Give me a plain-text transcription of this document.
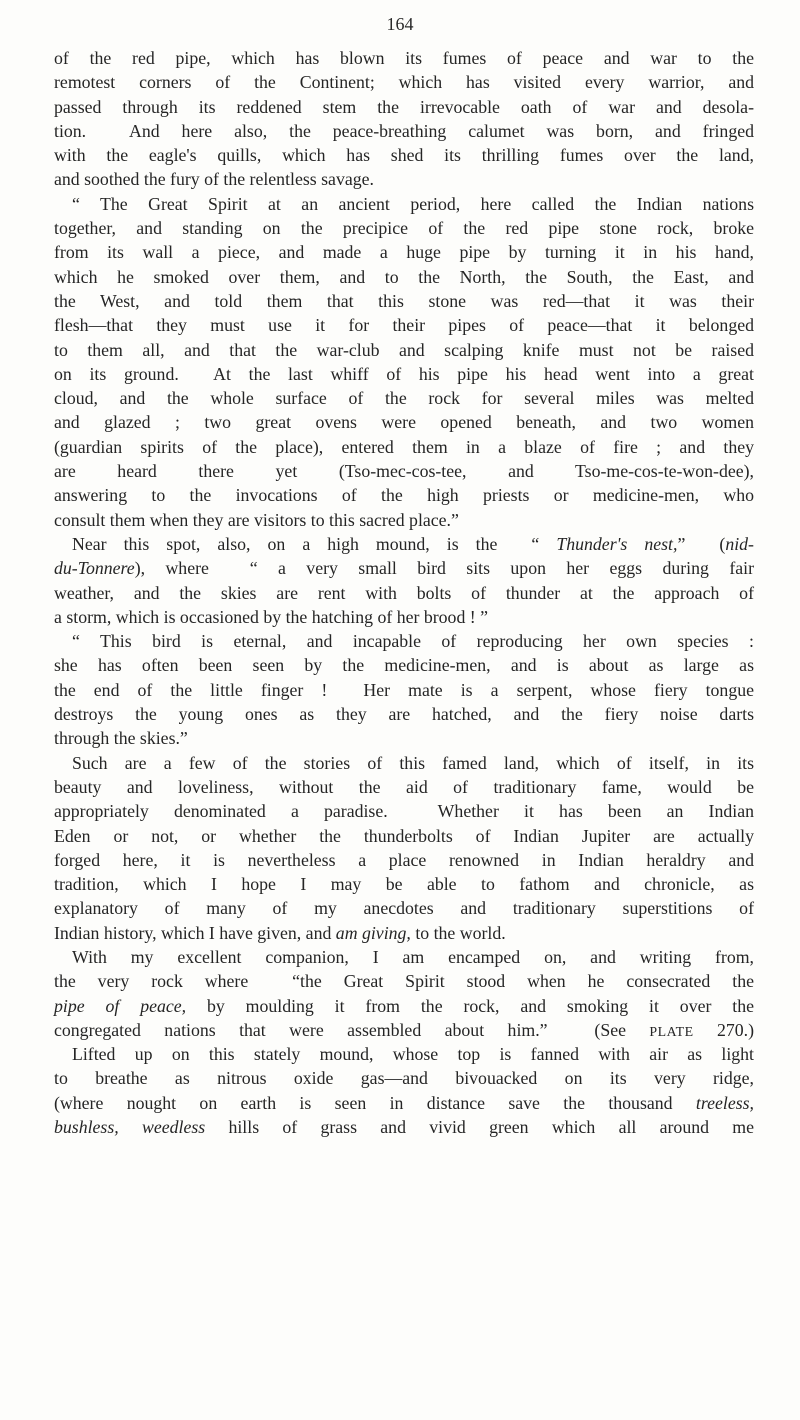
164
of the red pipe, which has blown its fumes of peace and war to the
remotest corners of the Continent; which has visited every warrior, and
passed through its reddened stem the irrevocable oath of war and desola-
tion.  And here also, the peace-breathing calumet was born, and fringed
with the eagle's quills, which has shed its thrilling fumes over the land,
and soothed the fury of the relentless savage.
“ The Great Spirit at an ancient period, here called the Indian nations
together, and standing on the precipice of the red pipe stone rock, broke
from its wall a piece, and made a huge pipe by turning it in his hand,
which he smoked over them, and to the North, the South, the East, and
the West, and told them that this stone was red—that it was their
flesh—that they must use it for their pipes of peace—that it belonged
to them all, and that the war-club and scalping knife must not be raised
on its ground.  At the last whiff of his pipe his head went into a great
cloud, and the whole surface of the rock for several miles was melted
and glazed ; two great ovens were opened beneath, and two women
(guardian spirits of the place), entered them in a blaze of fire ; and they
are heard there yet (Tso-mec-cos-tee, and Tso-me-cos-te-won-dee),
answering to the invocations of the high priests or medicine-men, who
consult them when they are visitors to this sacred place.”
Near this spot, also, on a high mound, is the  “ Thunder's nest,”  (nid-
du-Tonnere), where  “ a very small bird sits upon her eggs during fair
weather, and the skies are rent with bolts of thunder at the approach of
a storm, which is occasioned by the hatching of her brood ! ”
“ This bird is eternal, and incapable of reproducing her own species :
she has often been seen by the medicine-men, and is about as large as
the end of the little finger !  Her mate is a serpent, whose fiery tongue
destroys the young ones as they are hatched, and the fiery noise darts
through the skies.”
Such are a few of the stories of this famed land, which of itself, in its
beauty and loveliness, without the aid of traditionary fame, would be
appropriately denominated a paradise.  Whether it has been an Indian
Eden or not, or whether the thunderbolts of Indian Jupiter are actually
forged here, it is nevertheless a place renowned in Indian heraldry and
tradition, which I hope I may be able to fathom and chronicle, as
explanatory of many of my anecdotes and traditionary superstitions of
Indian history, which I have given, and am giving, to the world.
With my excellent companion, I am encamped on, and writing from,
the very rock where  “the Great Spirit stood when he consecrated the
pipe of peace, by moulding it from the rock, and smoking it over the
congregated nations that were assembled about him.”  (See PLATE 270.)
Lifted up on this stately mound, whose top is fanned with air as light
to breathe as nitrous oxide gas—and bivouacked on its very ridge,
(where nought on earth is seen in distance save the thousand treeless,
bushless, weedless hills of grass and vivid green which all around me
